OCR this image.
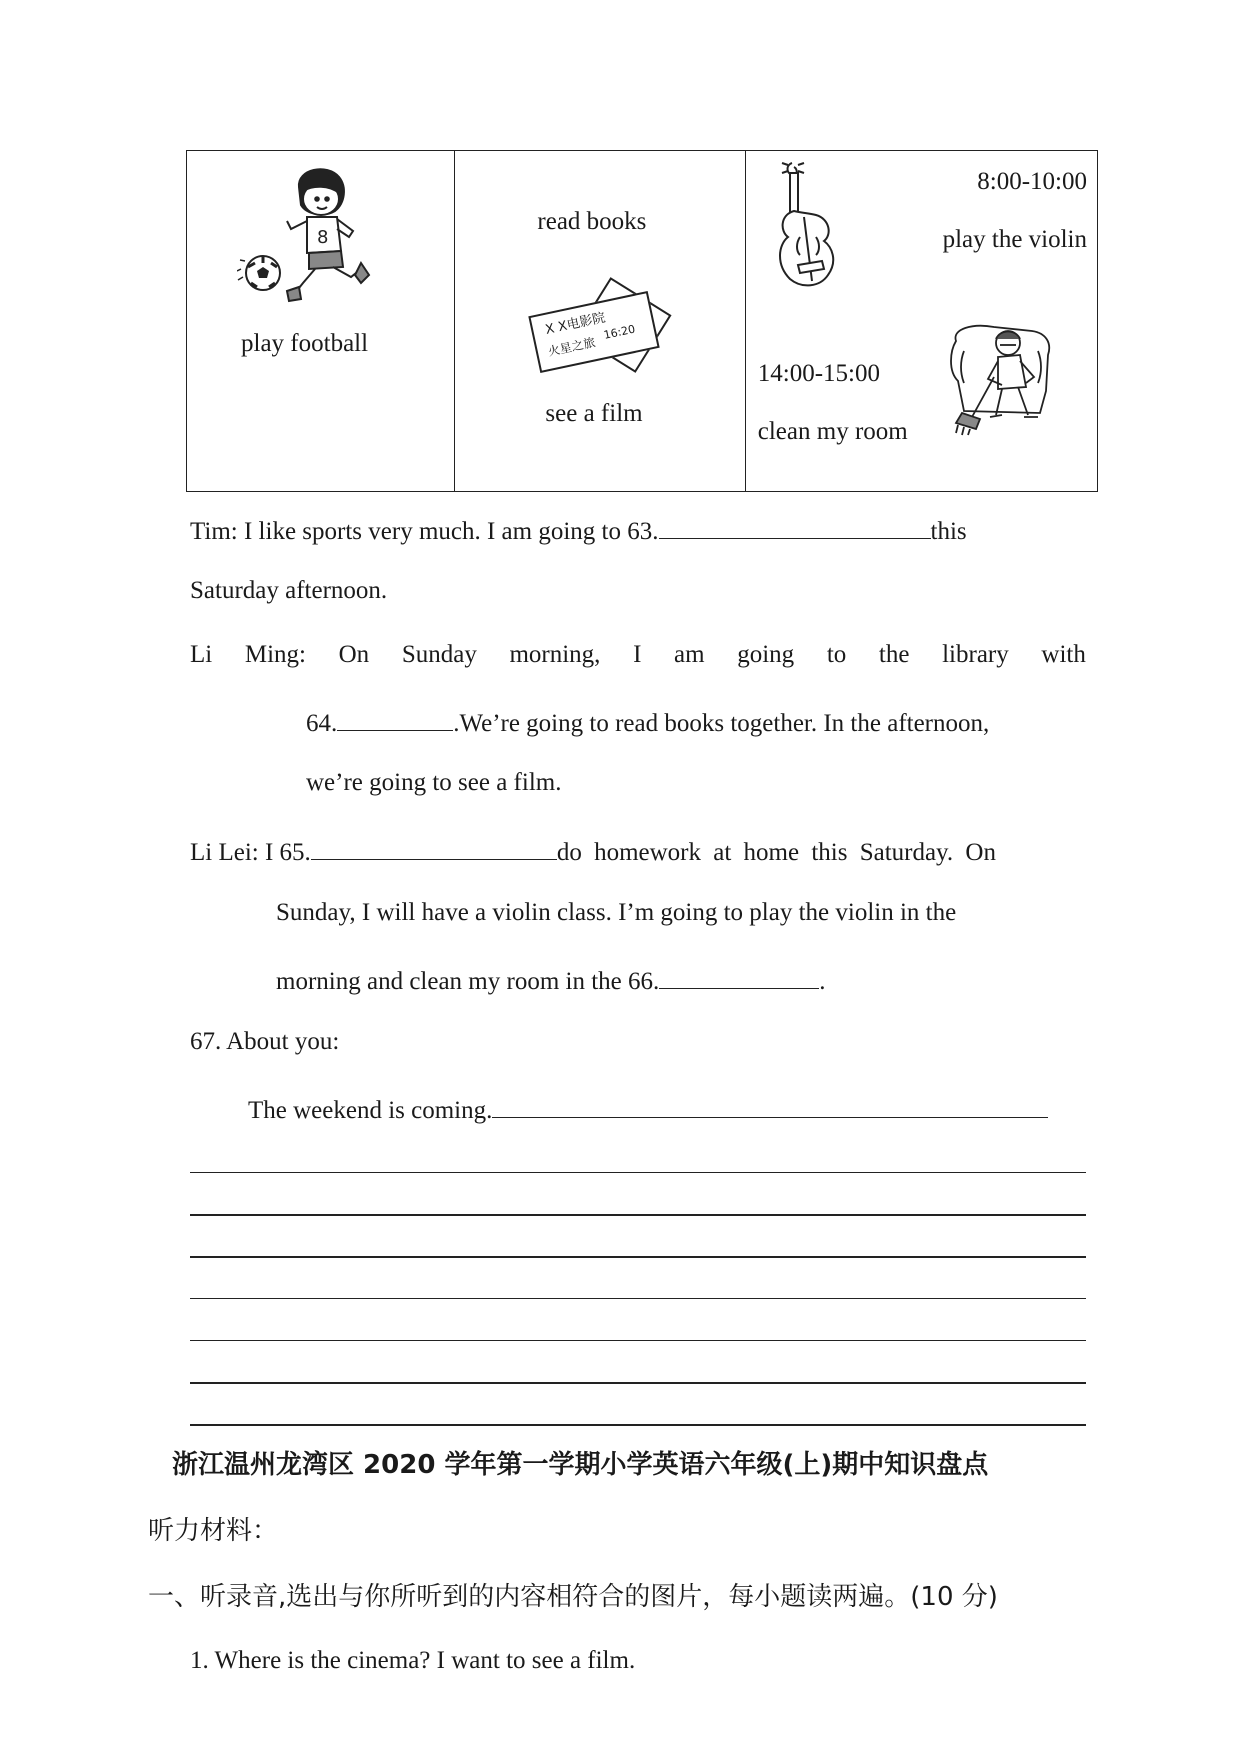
8
play football

read books
X X电影院
火星之旅
16:20
see a film

8:00-10:00
play the violin
14:00-15:00
clean my room
Tim: I like sports very much. I am going to 63.	this
Saturday afternoon.
Li Ming: On Sunday morning, I am going to the library with
64.	.We’re going to read books together. In the afternoon,
we’re going to see a film.
Li Lei: I 65.	do homework at home this Saturday. On
Sunday, I will have a violin class. I’m going to play the violin in the
morning and clean my room in the 66.	.
67. About you:
The weekend is coming.
浙江温州龙湾区 2020 学年第一学期小学英语六年级(上)期中知识盘点
听力材料：
一、听录音,选出与你所听到的内容相符合的图片，每小题读两遍。(10 分)
1. Where is the cinema? I want to see a film.
